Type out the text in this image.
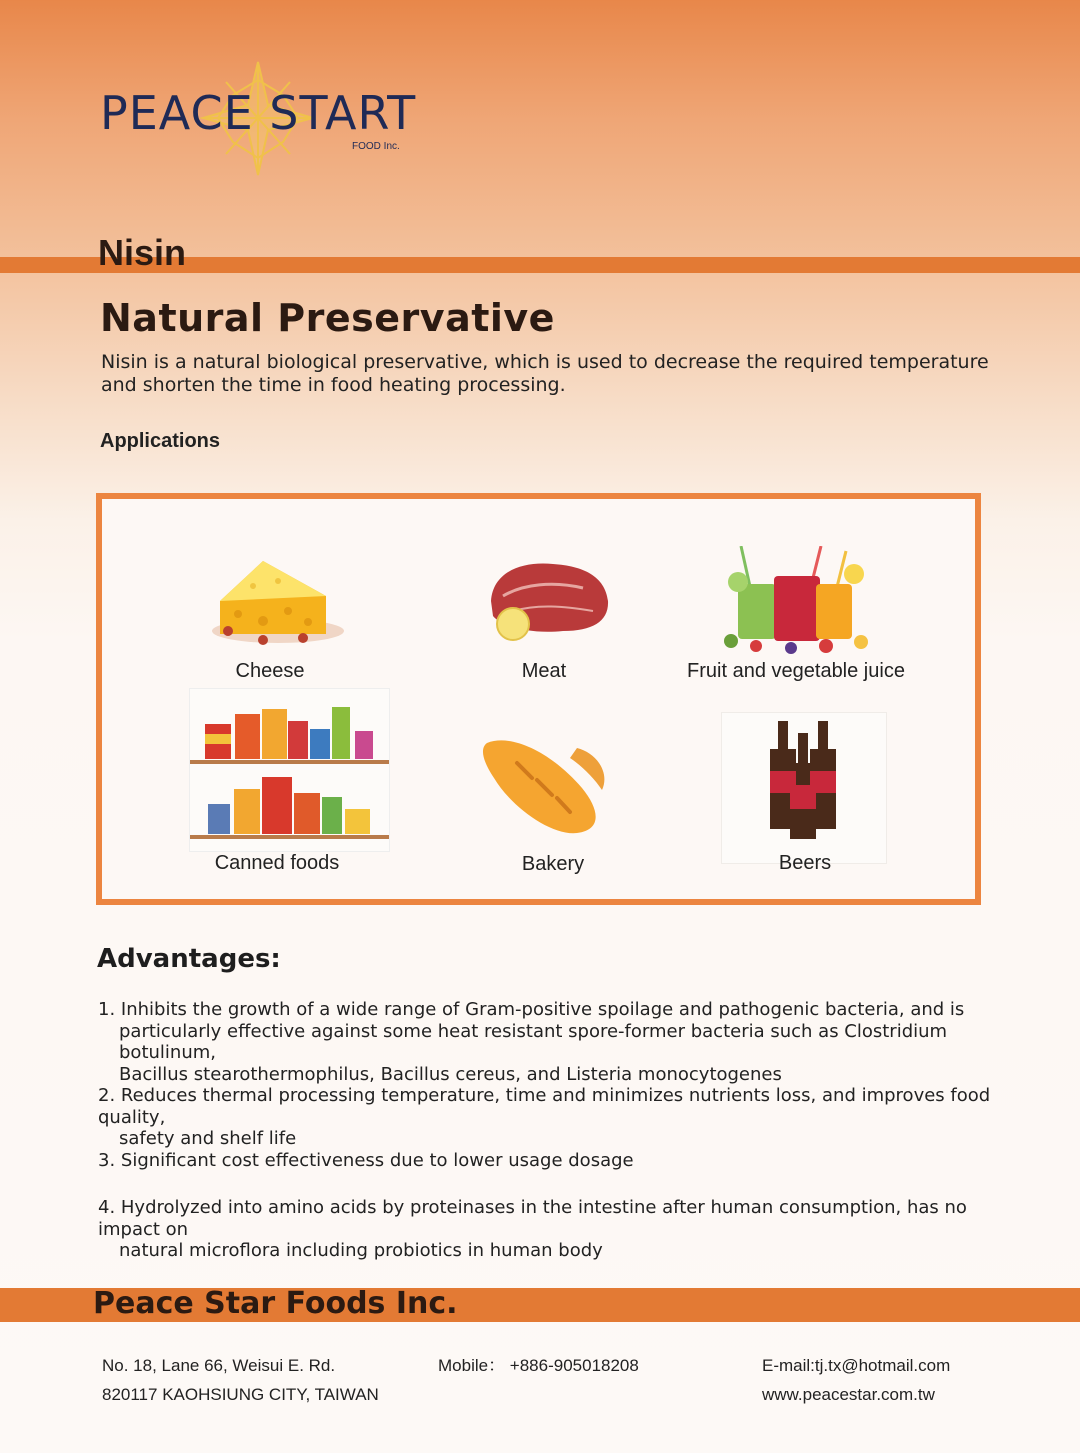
PEACE START
FOOD Inc.
Nisin
Natural Preservative
Nisin is a natural biological preservative, which is used to decrease the required temperature
and shorten the time in food heating processing.
Applications
Cheese	Meat	Fruit and vegetable juice
Canned foods	Bakery	Beers
Advantages:
1. Inhibits the growth of a wide range of Gram-positive spoilage and pathogenic bacteria, and is
particularly effective against some heat resistant spore-former bacteria such as Clostridium botulinum,
Bacillus stearothermophilus, Bacillus cereus, and Listeria monocytogenes
2. Reduces thermal processing temperature, time and minimizes nutrients loss, and improves food quality,
safety and shelf life
3. Significant cost effectiveness due to lower usage dosage
4. Hydrolyzed into amino acids by proteinases in the intestine after human consumption, has no impact on
natural microflora including probiotics in human body
Peace Star Foods Inc.
No. 18, Lane 66, Weisui E. Rd.
820117 KAOHSIUNG CITY, TAIWAN
Mobile： +886-905018208	E-mail:tj.tx@hotmail.com
www.peacestar.com.tw
